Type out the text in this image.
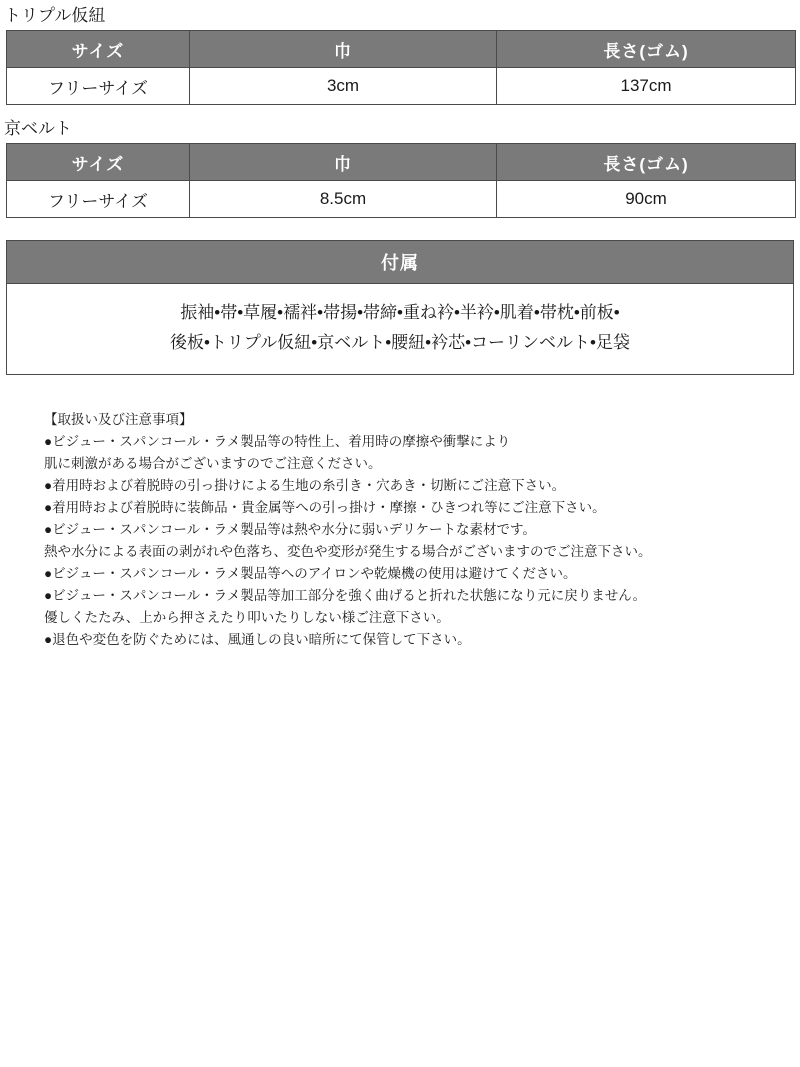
トリプル仮紐
サイズ	巾	長さ(ゴム)
フリーサイズ	3cm	137cm
京ベルト
サイズ	巾	長さ(ゴム)
フリーサイズ	8.5cm	90cm
付属
振袖•帯•草履•襦袢•帯揚•帯締•重ね衿•半衿•肌着•帯枕•前板•
後板•トリプル仮紐•京ベルト•腰紐•衿芯•コーリンベルト•足袋
【取扱い及び注意事項】
●ビジュー・スパンコール・ラメ製品等の特性上、着用時の摩擦や衝撃により
肌に刺激がある場合がございますのでご注意ください。
●着用時および着脱時の引っ掛けによる生地の糸引き・穴あき・切断にご注意下さい。
●着用時および着脱時に装飾品・貴金属等への引っ掛け・摩擦・ひきつれ等にご注意下さい。
●ビジュー・スパンコール・ラメ製品等は熱や水分に弱いデリケートな素材です。
熱や水分による表面の剥がれや色落ち、変色や変形が発生する場合がございますのでご注意下さい。
●ビジュー・スパンコール・ラメ製品等へのアイロンや乾燥機の使用は避けてください。
●ビジュー・スパンコール・ラメ製品等加工部分を強く曲げると折れた状態になり元に戻りません。
優しくたたみ、上から押さえたり叩いたりしない様ご注意下さい。
●退色や変色を防ぐためには、風通しの良い暗所にて保管して下さい。
